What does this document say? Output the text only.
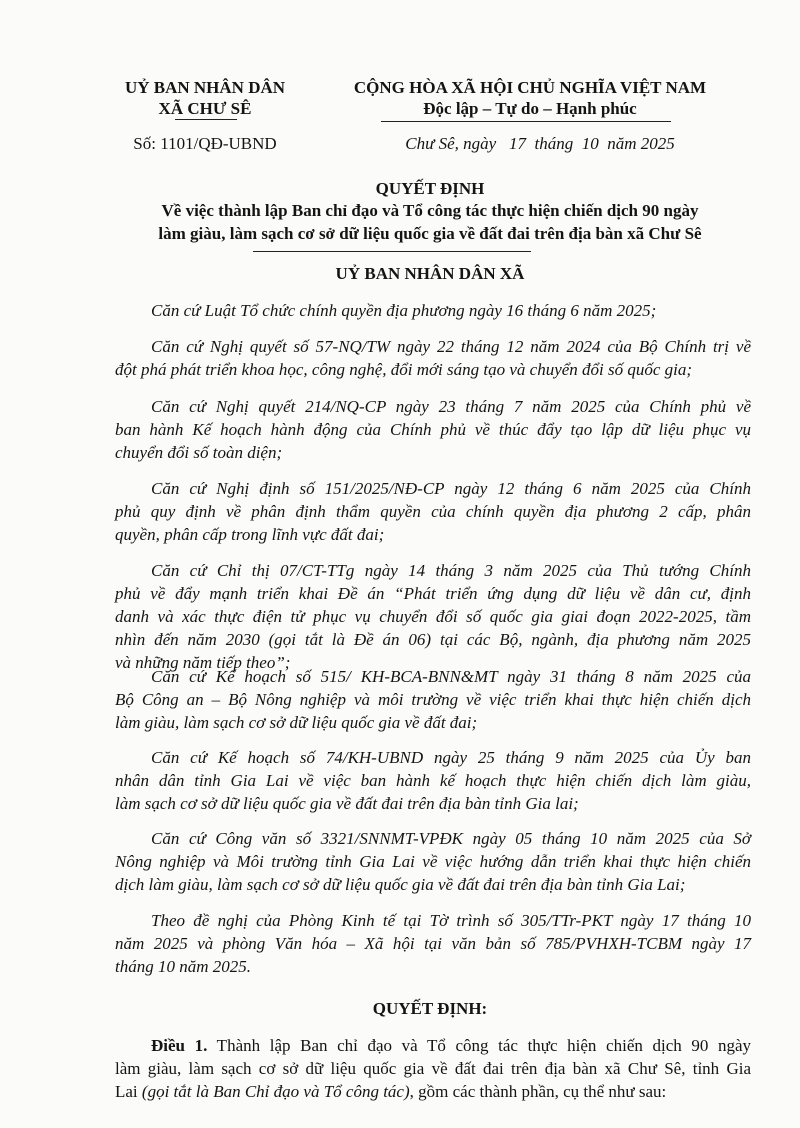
UỶ BAN NHÂN DÂN
XÃ CHƯ SÊ
CỘNG HÒA XÃ HỘI CHỦ NGHĨA VIỆT NAM
Độc lập – Tự do – Hạnh phúc
Số: 1101/QĐ-UBND	Chư Sê, ngày   17  tháng  10  năm 2025
QUYẾT ĐỊNH
Về việc thành lập Ban chỉ đạo và Tổ công tác thực hiện chiến dịch 90 ngày
làm giàu, làm sạch cơ sở dữ liệu quốc gia về đất đai trên địa bàn xã Chư Sê
UỶ BAN NHÂN DÂN XÃ
Căn cứ Luật Tổ chức chính quyền địa phương ngày 16 tháng 6 năm 2025;
Căn cứ Nghị quyết số 57-NQ/TW ngày 22 tháng 12 năm 2024 của Bộ Chính trị về
đột phá phát triển khoa học, công nghệ, đổi mới sáng tạo và chuyển đổi số quốc gia;
Căn cứ Nghị quyết 214/NQ-CP ngày 23 tháng 7 năm 2025 của Chính phủ về
ban hành Kế hoạch hành động của Chính phủ về thúc đẩy tạo lập dữ liệu phục vụ
chuyển đổi số toàn diện;
Căn cứ Nghị định số 151/2025/NĐ-CP ngày 12 tháng 6 năm 2025 của Chính
phủ quy định về phân định thẩm quyền của chính quyền địa phương 2 cấp, phân
quyền, phân cấp trong lĩnh vực đất đai;
Căn cứ Chỉ thị 07/CT-TTg ngày 14 tháng 3 năm 2025 của Thủ tướng Chính
phủ về đẩy mạnh triển khai Đề án “Phát triển ứng dụng dữ liệu về dân cư, định
danh và xác thực điện tử phục vụ chuyển đổi số quốc gia giai đoạn 2022-2025, tầm
nhìn đến năm 2030 (gọi tắt là Đề án 06) tại các Bộ, ngành, địa phương năm 2025
và những năm tiếp theo”;
Căn cứ Kế hoạch số 515/ KH-BCA-BNN&MT ngày 31 tháng 8 năm 2025 của
Bộ Công an – Bộ Nông nghiệp và môi trường về việc triển khai thực hiện chiến dịch
làm giàu, làm sạch cơ sở dữ liệu quốc gia về đất đai;
Căn cứ Kế hoạch số 74/KH-UBND ngày 25 tháng 9 năm 2025 của Ủy ban
nhân dân tỉnh Gia Lai về việc ban hành kế hoạch thực hiện chiến dịch làm giàu,
làm sạch cơ sở dữ liệu quốc gia về đất đai trên địa bàn tỉnh Gia lai;
Căn cứ Công văn số 3321/SNNMT-VPĐK ngày 05 tháng 10 năm 2025 của Sở
Nông nghiệp và Môi trường tỉnh Gia Lai về việc hướng dẫn triển khai thực hiện chiến
dịch làm giàu, làm sạch cơ sở dữ liệu quốc gia về đất đai trên địa bàn tỉnh Gia Lai;
Theo đề nghị của Phòng Kinh tế tại Tờ trình số 305/TTr-PKT ngày 17 tháng 10
năm 2025 và phòng Văn hóa – Xã hội tại văn bản số 785/PVHXH-TCBM ngày 17
tháng 10 năm 2025.
QUYẾT ĐỊNH:
Điều 1. Thành lập Ban chỉ đạo và Tổ công tác thực hiện chiến dịch 90 ngày
làm giàu, làm sạch cơ sở dữ liệu quốc gia về đất đai trên địa bàn xã Chư Sê, tỉnh Gia
Lai (gọi tắt là Ban Chỉ đạo và Tổ công tác), gồm các thành phần, cụ thể như sau:
